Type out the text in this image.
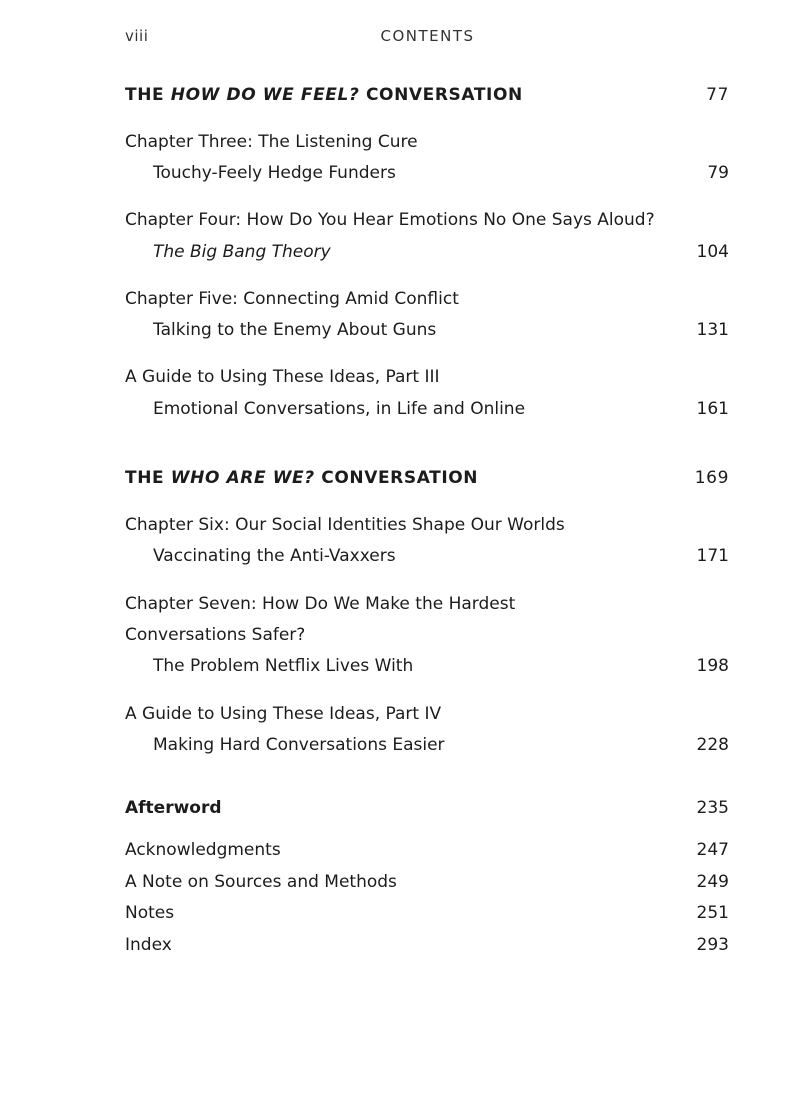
viii	CONTENTS
THE HOW DO WE FEEL? CONVERSATION	77
Chapter Three: The Listening Cure
Touchy-Feely Hedge Funders	79
Chapter Four: How Do You Hear Emotions No One Says Aloud?
The Big Bang Theory	104
Chapter Five: Connecting Amid Conflict
Talking to the Enemy About Guns	131
A Guide to Using These Ideas, Part III
Emotional Conversations, in Life and Online	161
THE WHO ARE WE? CONVERSATION	169
Chapter Six: Our Social Identities Shape Our Worlds
Vaccinating the Anti-Vaxxers	171
Chapter Seven: How Do We Make the Hardest
Conversations Safer?
The Problem Netflix Lives With	198
A Guide to Using These Ideas, Part IV
Making Hard Conversations Easier	228
Afterword	235
Acknowledgments	247
A Note on Sources and Methods	249
Notes	251
Index	293
